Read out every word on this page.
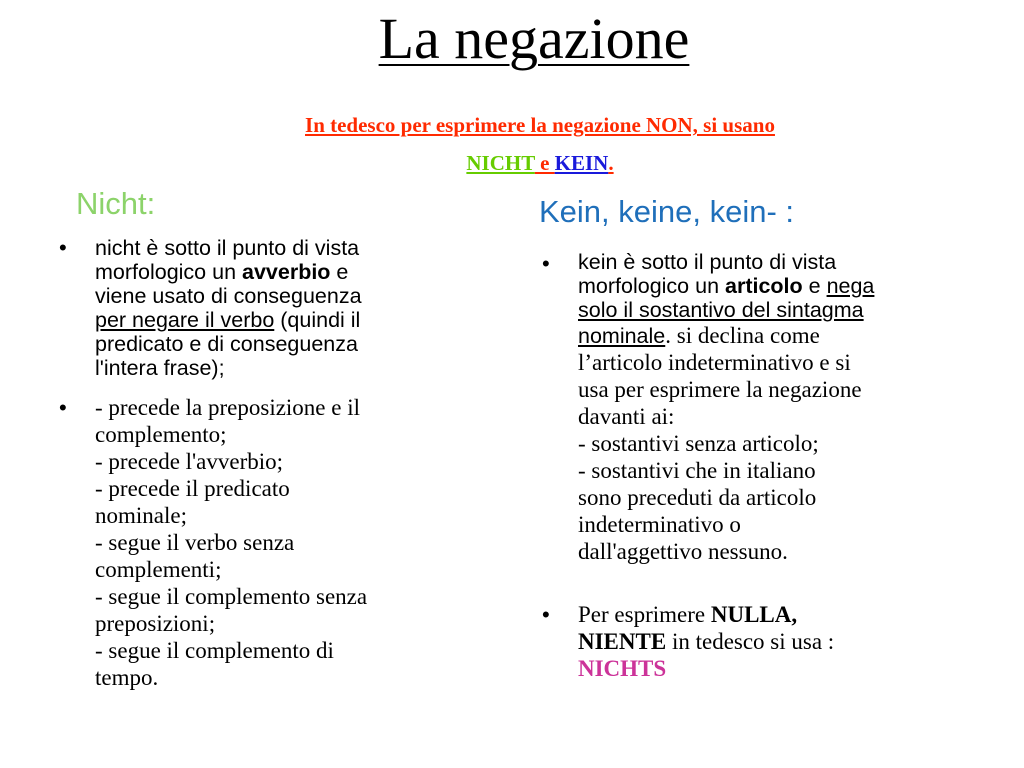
La negazione
In tedesco per esprimere la negazione NON, si usano
NICHT e KEIN.
Nicht:	Kein, keine, kein- :
• nicht è sotto il punto di vista
morfologico un avverbio e
viene usato di conseguenza
per negare il verbo (quindi il
predicato e di conseguenza
l'intera frase);
• - precede la preposizione e il
complemento;
- precede l'avverbio;
- precede il predicato
nominale;
- segue il verbo senza
complementi;
- segue il complemento senza
preposizioni;
- segue il complemento di
tempo.
• kein è sotto il punto di vista
morfologico un articolo e nega
solo il sostantivo del sintagma
nominale. si declina come
l’articolo indeterminativo e si
usa per esprimere la negazione
davanti ai:
- sostantivi senza articolo;
- sostantivi che in italiano
sono preceduti da articolo
indeterminativo o
dall'aggettivo nessuno.
• Per esprimere NULLA,
NIENTE in tedesco si usa :
NICHTS
